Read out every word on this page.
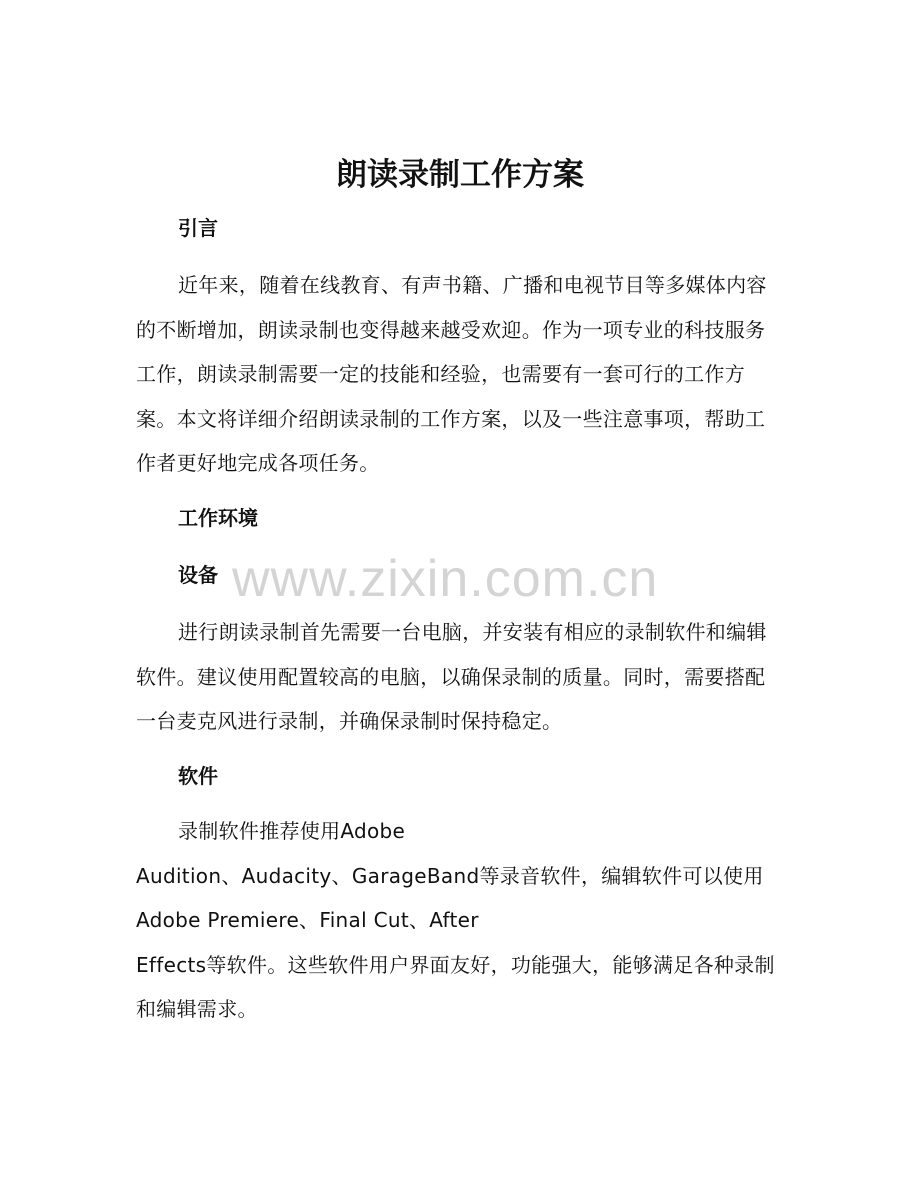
朗读录制工作方案
引言

近年来，随着在线教育、有声书籍、广播和电视节目等多媒体内容的不断增加，朗读录制也变得越来越受欢迎。作为一项专业的科技服务工作，朗读录制需要一定的技能和经验，也需要有一套可行的工作方案。本文将详细介绍朗读录制的工作方案，以及一些注意事项，帮助工作者更好地完成各项任务。

工作环境
设备 www.zixin.com.cn

进行朗读录制首先需要一台电脑，并安装有相应的录制软件和编辑软件。建议使用配置较高的电脑，以确保录制的质量。同时，需要搭配一台麦克风进行录制，并确保录制时保持稳定。

软件

录制软件推荐使用Adobe
Audition、Audacity、GarageBand等录音软件，编辑软件可以使用Adobe Premiere、Final Cut、After
Effects等软件。这些软件用户界面友好，功能强大，能够满足各种录制和编辑需求。
